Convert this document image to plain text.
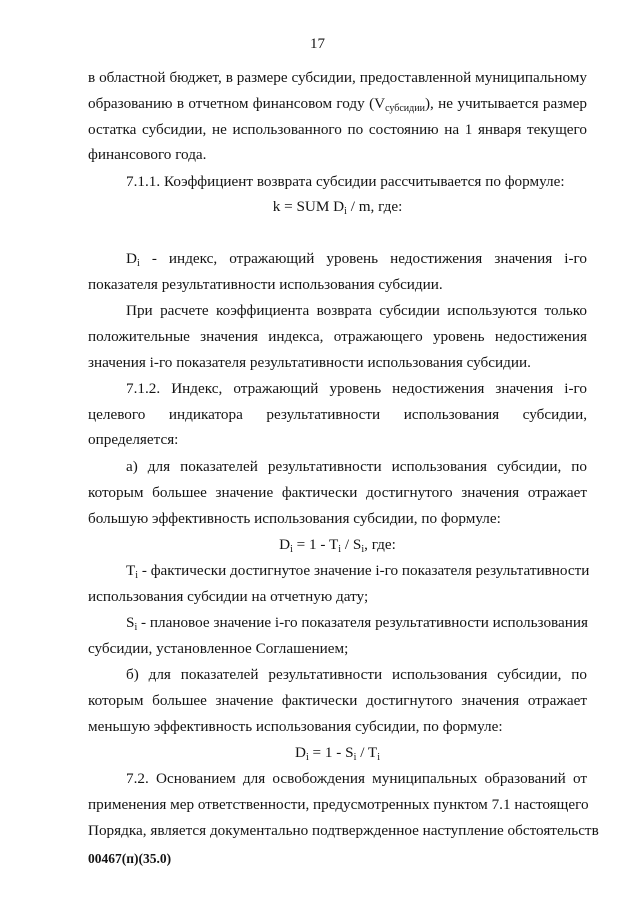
17
в областной бюджет, в размере субсидии, предоставленной муниципальному
образованию в отчетном финансовом году $(V_{субсидии})$, не учитывается размер
остатка субсидии, не использованного по состоянию на 1 января текущего
финансового года.
7.1.1. Коэффициент возврата субсидии рассчитывается по формуле:
k = SUM $D_i$ / m, где:
$D_i$ - индекс, отражающий уровень недостижения значения i-го
показателя результативности использования субсидии.
При расчете коэффициента возврата субсидии используются только
положительные значения индекса, отражающего уровень недостижения
значения i-го показателя результативности использования субсидии.
7.1.2. Индекс, отражающий уровень недостижения значения i-го
целевого индикатора результативности использования субсидии,
определяется:
а) для показателей результативности использования субсидии, по
которым большее значение фактически достигнутого значения отражает
большую эффективность использования субсидии, по формуле:
$D_i = 1 - T_i / S_i$, где:
$T_i$ - фактически достигнутое значение i-го показателя результативности
использования субсидии на отчетную дату;
$S_i$ - плановое значение i-го показателя результативности использования
субсидии, установленное Соглашением;
б) для показателей результативности использования субсидии, по
которым большее значение фактически достигнутого значения отражает
меньшую эффективность использования субсидии, по формуле:
$D_i = 1 - S_i / T_i$
7.2. Основанием для освобождения муниципальных образований от
применения мер ответственности, предусмотренных пунктом 7.1 настоящего
Порядка, является документально подтвержденное наступление обстоятельств
00467(п)(35.0)
